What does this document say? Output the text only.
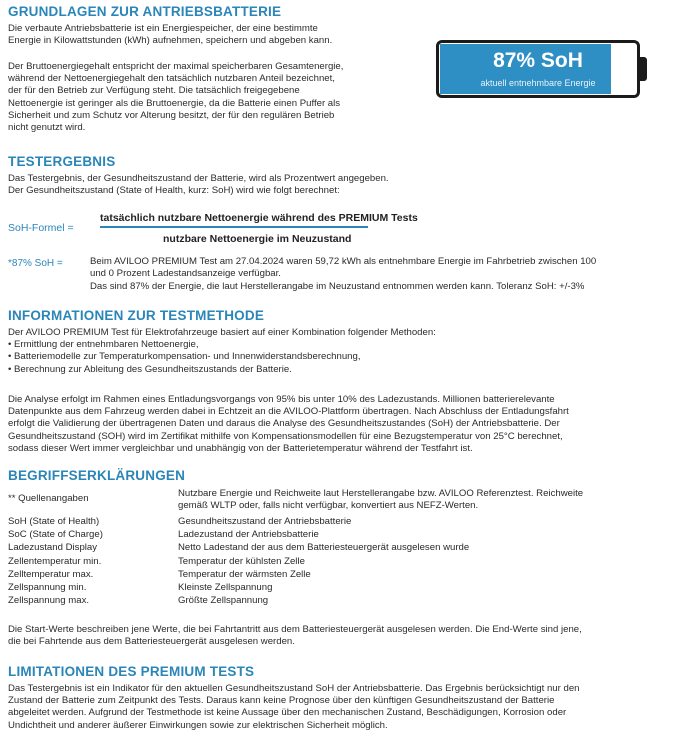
GRUNDLAGEN ZUR ANTRIEBSBATTERIE
Die verbaute Antriebsbatterie ist ein Energiespeicher, der eine bestimmte
Energie in Kilowattstunden (kWh) aufnehmen, speichern und abgeben kann.
Der Bruttoenergiegehalt entspricht der maximal speicherbaren Gesamtenergie,
während der Nettoenergiegehalt den tatsächlich nutzbaren Anteil bezeichnet,
der für den Betrieb zur Verfügung steht. Die tatsächlich freigegebene
Nettoenergie ist geringer als die Bruttoenergie, da die Batterie einen Puffer als
Sicherheit und zum Schutz vor Alterung besitzt, der für den regulären Betrieb
nicht genutzt wird.
87% SoH
aktuell entnehmbare Energie
TESTERGEBNIS
Das Testergebnis, der Gesundheitszustand der Batterie, wird als Prozentwert angegeben.
Der Gesundheitszustand (State of Health, kurz: SoH) wird wie folgt berechnet:
SoH-Formel =
tatsächlich nutzbare Nettoenergie während des PREMIUM Tests
nutzbare Nettoenergie im Neuzustand
*87% SoH =	Beim AVILOO PREMIUM Test am 27.04.2024 waren 59,72 kWh als entnehmbare Energie im Fahrbetrieb zwischen 100
und 0 Prozent Ladestandsanzeige verfügbar.
Das sind 87% der Energie, die laut Herstellerangabe im Neuzustand entnommen werden kann. Toleranz SoH: +/-3%
INFORMATIONEN ZUR TESTMETHODE
Der AVILOO PREMIUM Test für Elektrofahrzeuge basiert auf einer Kombination folgender Methoden:
• Ermittlung der entnehmbaren Nettoenergie,
• Batteriemodelle zur Temperaturkompensation- und Innenwiderstandsberechnung,
• Berechnung zur Ableitung des Gesundheitszustands der Batterie.
Die Analyse erfolgt im Rahmen eines Entladungsvorgangs von 95% bis unter 10% des Ladezustands. Millionen batterierelevante
Datenpunkte aus dem Fahrzeug werden dabei in Echtzeit an die AVILOO-Plattform übertragen. Nach Abschluss der Entladungsfahrt
erfolgt die Validierung der übertragenen Daten und daraus die Analyse des Gesundheitszustandes (SoH) der Antriebsbatterie. Der
Gesundheitszustand (SOH) wird im Zertifikat mithilfe von Kompensationsmodellen für eine Bezugstemperatur von 25°C berechnet,
sodass dieser Wert immer vergleichbar und unabhängig von der Batterietemperatur während der Testfahrt ist.
BEGRIFFSERKLÄRUNGEN
** Quellenangaben	Nutzbare Energie und Reichweite laut Herstellerangabe bzw. AVILOO Referenztest. Reichweite
gemäß WLTP oder, falls nicht verfügbar, konvertiert aus NEFZ-Werten.
SoH (State of Health)	Gesundheitszustand der Antriebsbatterie
SoC (State of Charge)	Ladezustand der Antriebsbatterie
Ladezustand Display	Netto Ladestand der aus dem Batteriesteuergerät ausgelesen wurde
Zellentemperatur min.	Temperatur der kühlsten Zelle
Zelltemperatur max.	Temperatur der wärmsten Zelle
Zellspannung min.	Kleinste Zellspannung
Zellspannung max.	Größte Zellspannung
Die Start-Werte beschreiben jene Werte, die bei Fahrtantritt aus dem Batteriesteuergerät ausgelesen werden. Die End-Werte sind jene,
die bei Fahrtende aus dem Batteriesteuergerät ausgelesen werden.
LIMITATIONEN DES PREMIUM TESTS
Das Testergebnis ist ein Indikator für den aktuellen Gesundheitszustand SoH der Antriebsbatterie. Das Ergebnis berücksichtigt nur den
Zustand der Batterie zum Zeitpunkt des Tests. Daraus kann keine Prognose über den künftigen Gesundheitszustand der Batterie
abgeleitet werden. Aufgrund der Testmethode ist keine Aussage über den mechanischen Zustand, Beschädigungen, Korrosion oder
Undichtheit und anderer äußerer Einwirkungen sowie zur elektrischen Sicherheit möglich.
